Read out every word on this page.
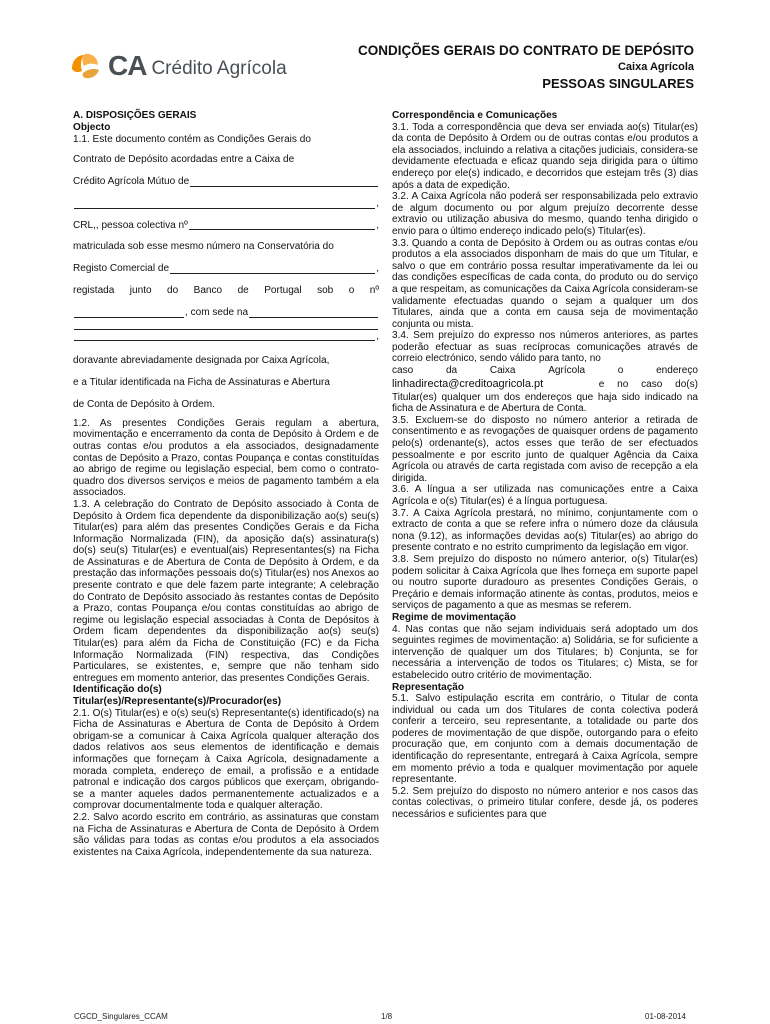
CA Crédito Agrícola
CONDIÇÕES GERAIS DO CONTRATO DE DEPÓSITO
Caixa Agrícola
PESSOAS SINGULARES

A. DISPOSIÇÕES GERAIS

Objecto

1.1. Este documento contém as Condições Gerais do

Contrato de Depósito acordadas entre a Caixa de
Crédito Agrícola Mútuo de
,
CRL,, pessoa colectiva nº	,
matriculada sob esse mesmo número na Conservatória do
Registo Comercial de	,
registada junto do Banco de Portugal sob o nº
, com sede na
,
doravante abreviadamente designada por Caixa Agrícola,
e a Titular identificada na Ficha de Assinaturas e Abertura
de Conta de Depósito à Ordem.

1.2. As presentes Condições Gerais regulam a abertura, movimentação e encerramento da conta de Depósito à Ordem e de outras contas e/ou produtos a ela associados, designadamente contas de Depósito a Prazo, contas Poupança e contas constituídas ao abrigo de regime ou legislação especial, bem como o contrato-quadro dos diversos serviços e meios de pagamento também a ela associados.

1.3. A celebração do Contrato de Depósito associado à Conta de Depósito à Ordem fica dependente da disponibilização ao(s) seu(s) Titular(es) para além das presentes Condições Gerais e da Ficha Informação Normalizada (FIN), da aposição da(s) assinatura(s) do(s) seu(s) Titular(es) e eventual(ais) Representantes(s) na Ficha de Assinaturas e de Abertura de Conta de Depósito à Ordem, e da prestação das informações pessoais do(s) Titular(es) nos Anexos ao presente contrato e que dele fazem parte integrante; A celebração do Contrato de Depósito associado às restantes contas de Depósito a Prazo, contas Poupança e/ou contas constituídas ao abrigo de regime ou legislação especial associadas à Conta de Depósitos à Ordem ficam dependentes da disponibilização ao(s) seu(s) Titular(es) para além da Ficha de Constituição (FC) e da Ficha Informação Normalizada (FIN) respectiva, das Condições Particulares, se existentes, e, sempre que não tenham sido entregues em momento anterior, das presentes Condições Gerais.

Identificação do(s)

Titular(es)/Representante(s)/Procurador(es)

2.1. O(s) Titular(es) e o(s) seu(s) Representante(s) identificado(s) na Ficha de Assinaturas e Abertura de Conta de Depósito à Ordem obrigam-se a comunicar à Caixa Agrícola qualquer alteração dos dados relativos aos seus elementos de identificação e demais informações que forneçam à Caixa Agrícola, designadamente a morada completa, endereço de email, a profissão e a entidade patronal e indicação dos cargos públicos que exerçam, obrigando-se a manter aqueles dados permanentemente actualizados e a comprovar documentalmente toda e qualquer alteração.

2.2. Salvo acordo escrito em contrário, as assinaturas que constam na Ficha de Assinaturas e Abertura de Conta de Depósito à Ordem são válidas para todas as contas e/ou produtos a ela associados existentes na Caixa Agrícola, independentemente da sua natureza.

Correspondência e Comunicações

3.1. Toda a correspondência que deva ser enviada ao(s) Titular(es) da conta de Depósito à Ordem ou de outras contas e/ou produtos a ela associados, incluindo a relativa a citações judiciais, considera-se devidamente efectuada e eficaz quando seja dirigida para o último endereço por ele(s) indicado, e decorridos que estejam três (3) dias após a data de expedição.

3.2. A Caixa Agrícola não poderá ser responsabilizada pelo extravio de algum documento ou por algum prejuízo decorrente desse extravio ou utilização abusiva do mesmo, quando tenha dirigido o envio para o último endereço indicado pelo(s) Titular(es).

3.3. Quando a conta de Depósito à Ordem ou as outras contas e/ou produtos a ela associados disponham de mais do que um Titular, e salvo o que em contrário possa resultar imperativamente da lei ou das condições específicas de cada conta, do produto ou do serviço a que respeitam, as comunicações da Caixa Agrícola consideram-se validamente efectuadas quando o sejam a qualquer um dos Titulares, ainda que a conta em causa seja de movimentação conjunta ou mista.

3.4. Sem prejuízo do expresso nos números anteriores, as partes poderão efectuar as suas recíprocas comunicações através de correio electrónico, sendo válido para tanto, no

caso	da	Caixa	Agrícola	o	endereço

linhadirecta@creditoagricola.pt	e no caso do(s)

Titular(es) qualquer um dos endereços que haja sido indicado na ficha de Assinatura e de Abertura de Conta.

3.5. Excluem-se do disposto no número anterior a retirada de consentimento e as revogações de quaisquer ordens de pagamento pelo(s) ordenante(s), actos esses que terão de ser efectuados pessoalmente e por escrito junto de qualquer Agência da Caixa Agrícola ou através de carta registada com aviso de recepção a ela dirigida.

3.6. A língua a ser utilizada nas comunicações entre a Caixa Agrícola e o(s) Titular(es) é a língua portuguesa.

3.7. A Caixa Agrícola prestará, no mínimo, conjuntamente com o extracto de conta a que se refere infra o número doze da cláusula nona (9.12), as informações devidas ao(s) Titular(es) ao abrigo do presente contrato e no estrito cumprimento da legislação em vigor.

3.8. Sem prejuízo do disposto no número anterior, o(s) Titular(es) podem solicitar à Caixa Agrícola que lhes forneça em suporte papel ou noutro suporte duradouro as presentes Condições Gerais, o Preçário e demais informação atinente às contas, produtos, meios e serviços de pagamento a que as mesmas se referem.

Regime de movimentação

4. Nas contas que não sejam individuais será adoptado um dos seguintes regimes de movimentação: a) Solidária, se for suficiente a intervenção de qualquer um dos Titulares; b) Conjunta, se for necessária a intervenção de todos os Titulares; c) Mista, se for estabelecido outro critério de movimentação.

Representação

5.1. Salvo estipulação escrita em contrário, o Titular de conta individual ou cada um dos Titulares de conta colectiva poderá conferir a terceiro, seu representante, a totalidade ou parte dos poderes de movimentação de que dispõe, outorgando para o efeito procuração que, em conjunto com a demais documentação de identificação do representante, entregará à Caixa Agrícola, sempre em momento prévio a toda e qualquer movimentação por aquele representante.

5.2. Sem prejuízo do disposto no número anterior e nos casos das contas colectivas, o primeiro titular confere, desde já, os poderes necessários e suficientes para que

CGCD_Singulares_CCAM	1/8	01-08-2014
